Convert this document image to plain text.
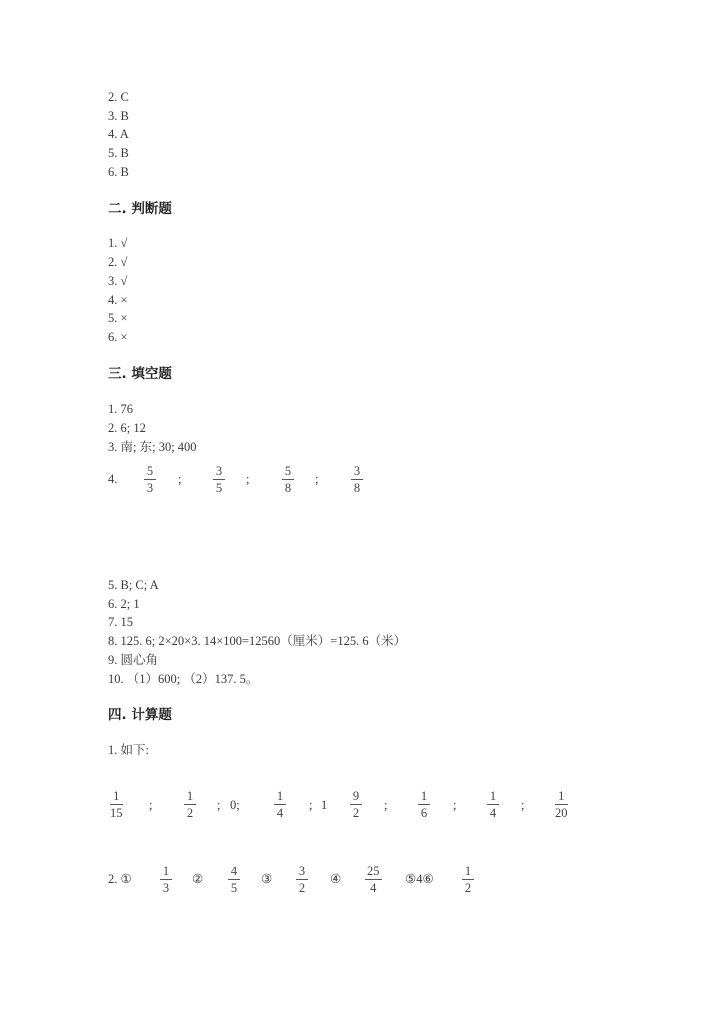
2. C
3. B
4. A
5. B
6. B
二. 判断题
1. √
2. √
3. √
4. ×
5. ×
6. ×
三. 填空题
1. 76
2. 6; 12
3. 南; 东; 30; 400
4.
5
3
;
3
5
;
5
8
;
3
8
5. B; C; A
6. 2; 1
7. 15
8. 125. 6; 2×20×3. 14×100=12560（厘米）=125. 6（米）
9. 圆心角
10. （1）600; （2）137. 5。
四. 计算题
1. 如下:
1
15
;
1
2
; 0;
1
4
; 1
9
2
;
1
6
;
1
4
;
1
20
2. ①
1
3
②
4
5
③
3
2
④
25
4
⑤4⑥
1
2
